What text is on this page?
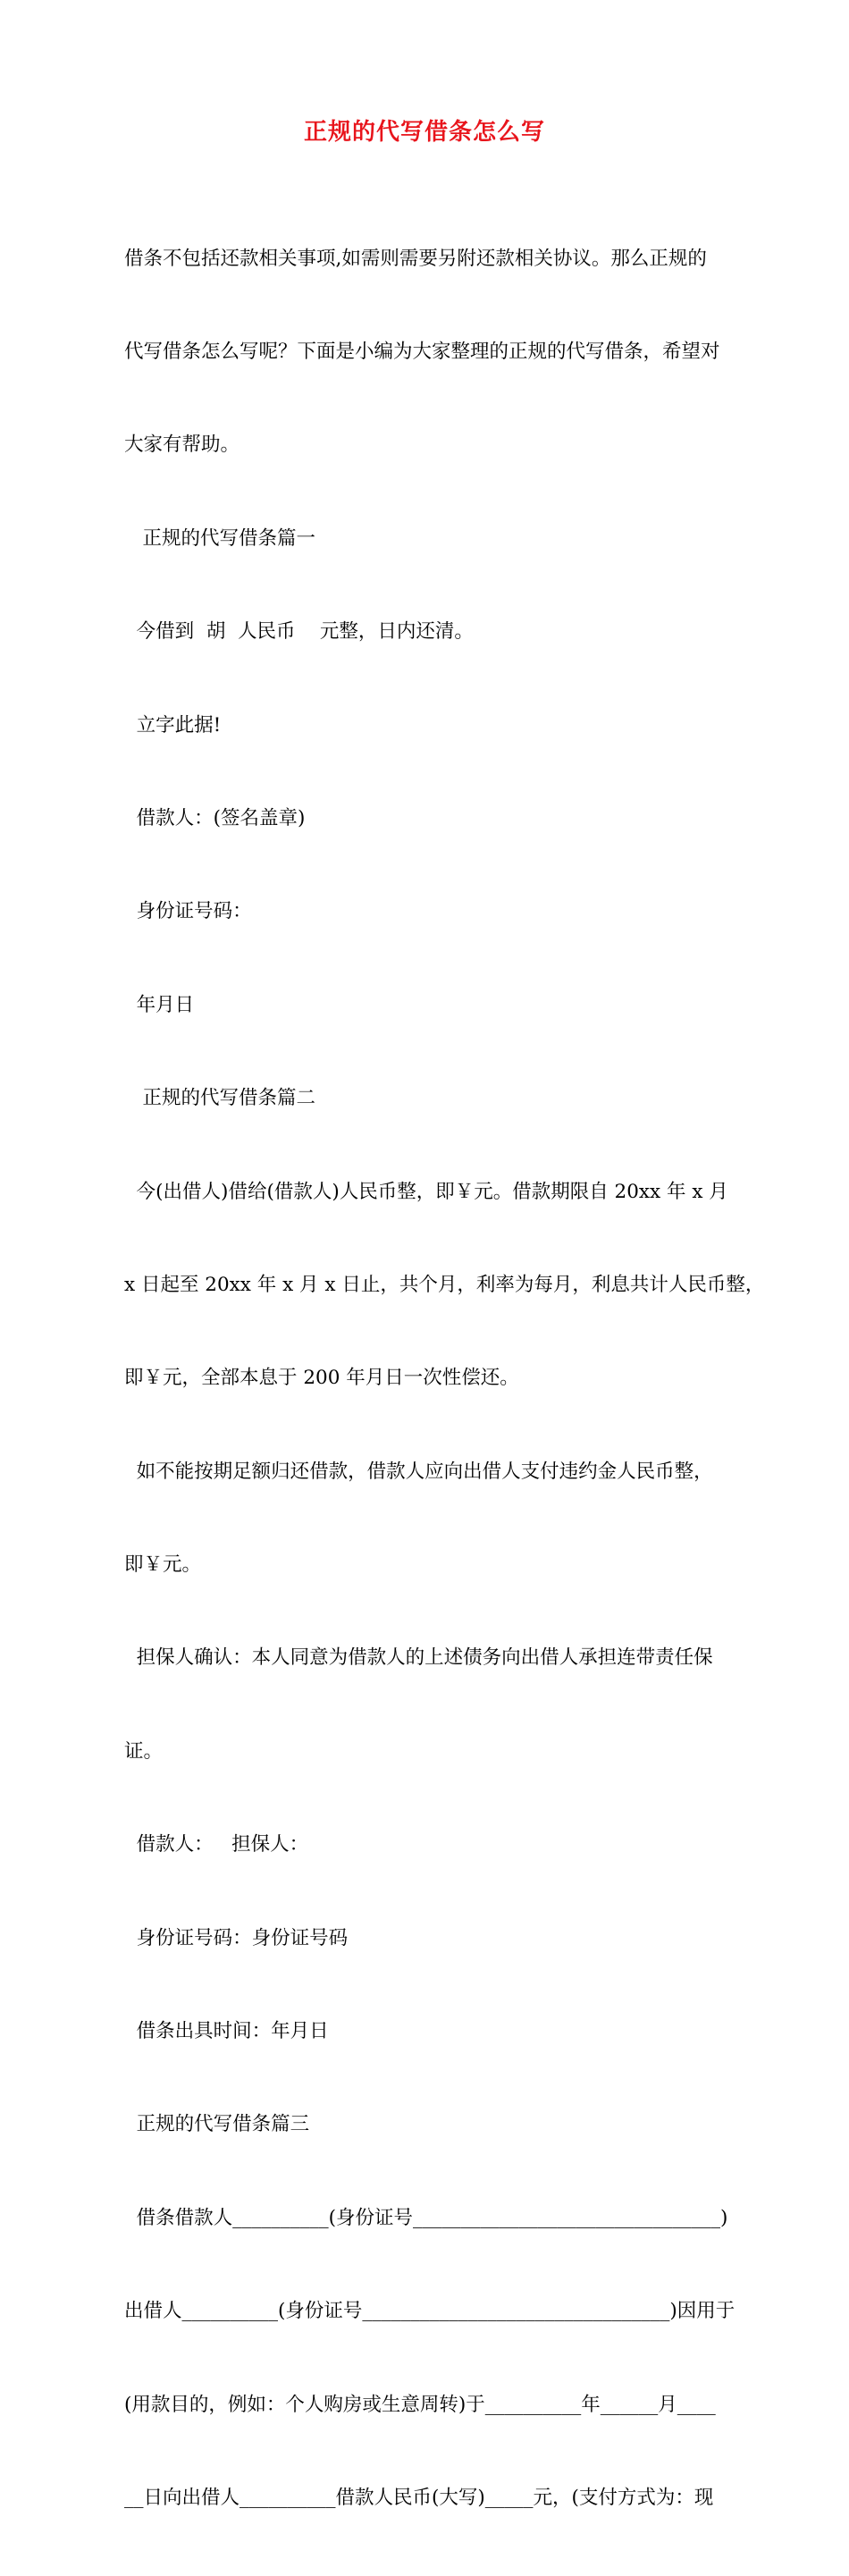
正规的代写借条怎么写

借条不包括还款相关事项,如需则需要另附还款相关协议。那么正规的

代写借条怎么写呢？下面是小编为大家整理的正规的代写借条，希望对

大家有帮助。

正规的代写借条篇一

今借到  胡  人民币    元整，日内还清。

立字此据!

借款人：(签名盖章)

身份证号码：

年月日

正规的代写借条篇二

今(出借人)借给(借款人)人民币整，即￥元。借款期限自 20xx 年 x 月

x 日起至 20xx 年 x 月 x 日止，共个月，利率为每月，利息共计人民币整，

即￥元，全部本息于 200 年月日一次性偿还。

如不能按期足额归还借款，借款人应向出借人支付违约金人民币整，

即￥元。

担保人确认：本人同意为借款人的上述债务向出借人承担连带责任保

证。

借款人：   担保人：

身份证号码：身份证号码

借条出具时间：年月日

正规的代写借条篇三

借条借款人__________(身份证号________________________________)

出借人__________(身份证号________________________________)因用于

(用款目的，例如：个人购房或生意周转)于__________年______月____

__日向出借人__________借款人民币(大写)_____元，(支付方式为：现
